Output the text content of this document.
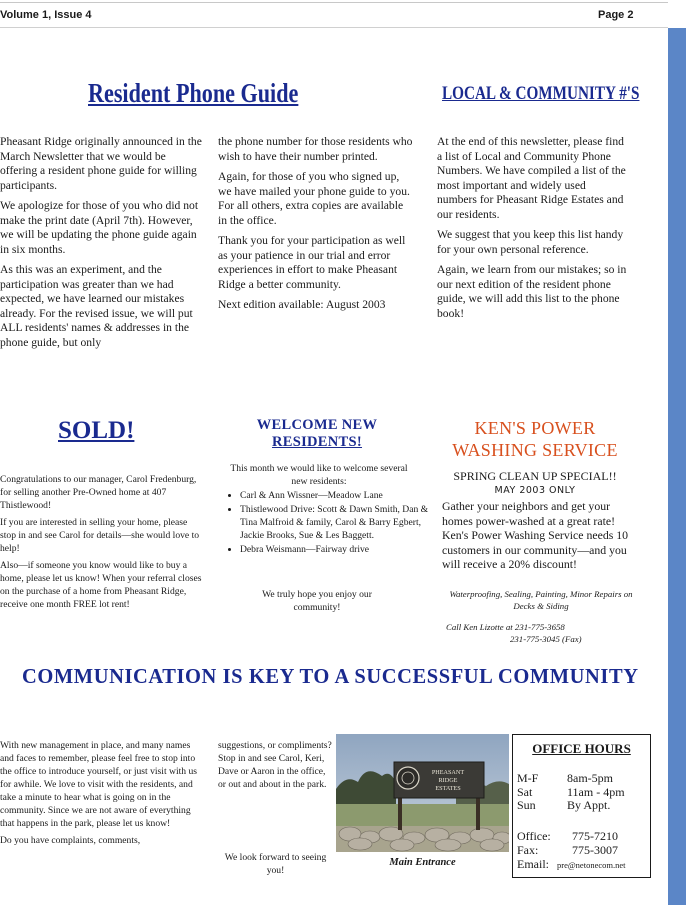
Volume 1, Issue 4	Page 2
Resident Phone Guide

Pheasant Ridge originally announced in the March Newsletter that we would be offering a resident phone guide for willing participants.

We apologize for those of you who did not make the print date (April 7th). However, we will be updating the phone guide again in six months.

As this was an experiment, and the participation was greater than we had expected, we have learned our mistakes already. For the revised issue, we will put ALL residents' names & addresses in the phone guide, but only

the phone number for those residents who wish to have their number printed.

Again, for those of you who signed up, we have mailed your phone guide to you. For all others, extra copies are available in the office.

Thank you for your participation as well as your patience in our trial and error experiences in effort to make Pheasant Ridge a better community.

Next edition available: August 2003

LOCAL & COMMUNITY #'S

At the end of this newsletter, please find a list of Local and Community Phone Numbers. We have compiled a list of the most important and widely used numbers for Pheasant Ridge Estates and our residents.

We suggest that you keep this list handy for your own personal reference.

Again, we learn from our mistakes; so in our next edition of the resident phone guide, we will add this list to the phone book!

SOLD!

Congratulations to our manager, Carol Fredenburg, for selling another Pre-Owned home at 407 Thistlewood!

If you are interested in selling your home, please stop in and see Carol for details—she would love to help!

Also—if someone you know would like to buy a home, please let us know! When your referral closes on the purchase of a home from Pheasant Ridge, receive one month FREE lot rent!

WELCOME NEW
RESIDENTS!
This month we would like to welcome several new residents:
• Carl & Ann Wissner—Meadow Lane
• Thistlewood Drive: Scott & Dawn Smith, Dan & Tina Malfroid & family, Carol & Barry Egbert, Jackie Brooks, Sue & Les Baggett.
• Debra Weismann—Fairway drive
We truly hope you enjoy our community!
KEN'S POWER
WASHING SERVICE
SPRING CLEAN UP SPECIAL!!
MAY 2003 ONLY
Gather your neighbors and get your homes power-washed at a great rate! Ken's Power Washing Service needs 10 customers in our community—and you will receive a 20% discount!
Waterproofing, Sealing, Painting, Minor Repairs on Decks & Siding
Call Ken Lizotte at 231-775-3658
231-775-3045 (Fax)
COMMUNICATION IS KEY TO A SUCCESSFUL COMMUNITY

With new management in place, and many names and faces to remember, please feel free to stop into the office to introduce yourself, or just visit with us for awhile. We love to visit with the residents, and take a minute to hear what is going on in the community. Since we are not aware of everything that happens in the park, please let us know!

Do you have complaints, comments,

suggestions, or compliments? Stop in and see Carol, Keri, Dave or Aaron in the office, or out and about in the park.
We look forward to seeing you!
PHEASANT
RIDGE
ESTATES
Main Entrance
OFFICE HOURS
M-F	8am-5pm
Sat	11am - 4pm
Sun	By Appt.
Office:	775-7210
Fax:	775-3007
Email: pre@netonecom.net
